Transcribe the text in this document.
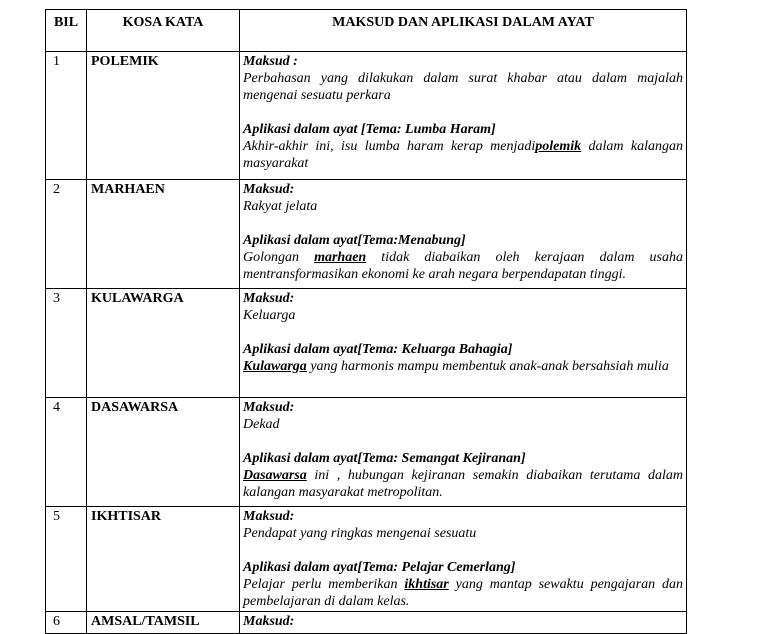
BIL	KOSA KATA	MAKSUD DAN APLIKASI DALAM AYAT
1	POLEMIK	Maksud :
Perbahasan yang dilakukan dalam surat khabar atau dalam majalah mengenai sesuatu perkara
Aplikasi dalam ayat [Tema: Lumba Haram]
Akhir-akhir ini, isu lumba haram kerap menjadipolemik dalam kalangan masyarakat

2	MARHAEN	Maksud:
Rakyat jelata
Aplikasi dalam ayat[Tema:Menabung]
Golongan marhaen tidak diabaikan oleh kerajaan dalam usaha mentransformasikan ekonomi ke arah negara berpendapatan tinggi.

3	KULAWARGA	Maksud:
Keluarga
Aplikasi dalam ayat[Tema: Keluarga Bahagia]
Kulawarga yang harmonis mampu membentuk anak-anak bersahsiah mulia

4	DASAWARSA	Maksud:
Dekad
Aplikasi dalam ayat[Tema: Semangat Kejiranan]
Dasawarsa ini , hubungan kejiranan semakin diabaikan terutama dalam kalangan masyarakat metropolitan.

5	IKHTISAR	Maksud:
Pendapat yang ringkas mengenai sesuatu
Aplikasi dalam ayat[Tema: Pelajar Cemerlang]
Pelajar perlu memberikan ikhtisar yang mantap sewaktu pengajaran dan pembelajaran di dalam kelas.

6	AMSAL/TAMSIL	Maksud:
